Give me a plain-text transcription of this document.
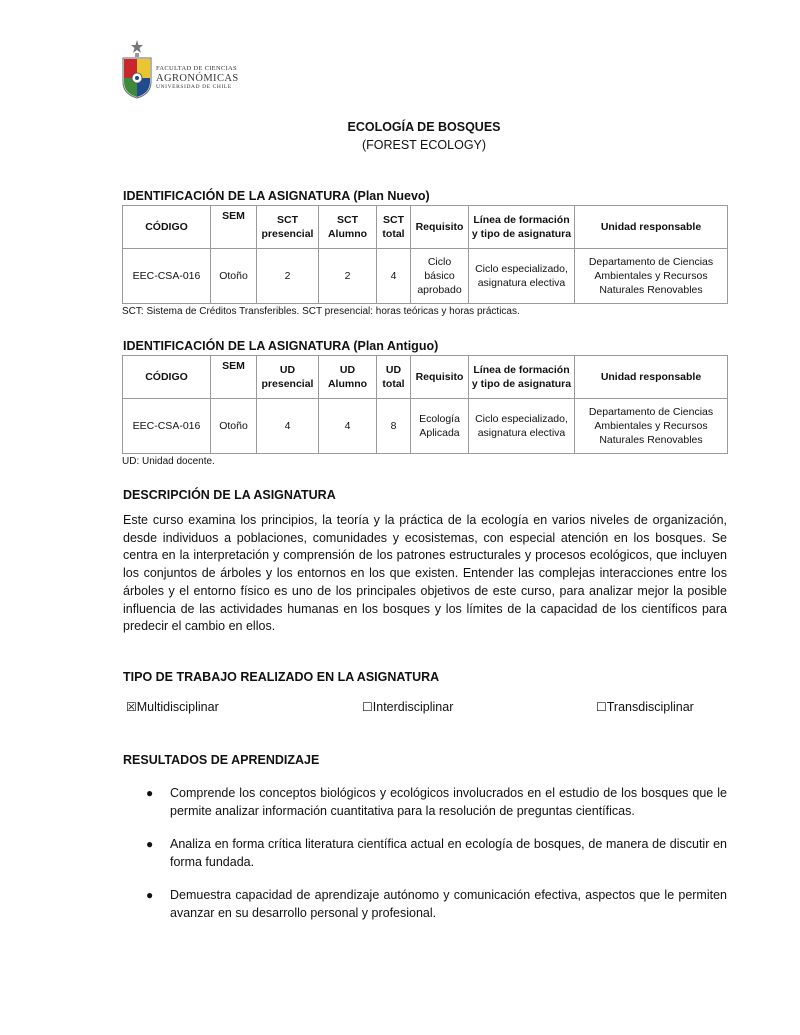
FACULTAD DE CIENCIAS
AGRONÓMICAS
UNIVERSIDAD DE CHILE
ECOLOGÍA DE BOSQUES
(FOREST ECOLOGY)
IDENTIFICACIÓN DE LA ASIGNATURA (Plan Nuevo)
CÓDIGO	SEM	SCT presencial	SCT Alumno	SCT total	Requisito	Línea de formación y tipo de asignatura	Unidad responsable
EEC-CSA-016	Otoño	2	2	4	Ciclo básico aprobado	Ciclo especializado, asignatura electiva	Departamento de Ciencias Ambientales y Recursos Naturales Renovables
SCT: Sistema de Créditos Transferibles. SCT presencial: horas teóricas y horas prácticas.
IDENTIFICACIÓN DE LA ASIGNATURA (Plan Antiguo)
CÓDIGO	SEM	UD presencial	UD Alumno	UD total	Requisito	Línea de formación y tipo de asignatura	Unidad responsable
EEC-CSA-016	Otoño	4	4	8	Ecología Aplicada	Ciclo especializado, asignatura electiva	Departamento de Ciencias Ambientales y Recursos Naturales Renovables
UD: Unidad docente.
DESCRIPCIÓN DE LA ASIGNATURA

Este curso examina los principios, la teoría y la práctica de la ecología en varios niveles de organización, desde individuos a poblaciones, comunidades y ecosistemas, con especial atención en los bosques. Se centra en la interpretación y comprensión de los patrones estructurales y procesos ecológicos, que incluyen los conjuntos de árboles y los entornos en los que existen. Entender las complejas interacciones entre los árboles y el entorno físico es uno de los principales objetivos de este curso, para analizar mejor la posible influencia de las actividades humanas en los bosques y los límites de la capacidad de los científicos para predecir el cambio en ellos.

TIPO DE TRABAJO REALIZADO EN LA ASIGNATURA
☒Multidisciplinar	☐Interdisciplinar	☐Transdisciplinar
RESULTADOS DE APRENDIZAJE
● Comprende los conceptos biológicos y ecológicos involucrados en el estudio de los bosques que le permite analizar información cuantitativa para la resolución de preguntas científicas.

● Analiza en forma crítica literatura científica actual en ecología de bosques, de manera de discutir en forma fundada.

● Demuestra capacidad de aprendizaje autónomo y comunicación efectiva, aspectos que le permiten avanzar en su desarrollo personal y profesional.
